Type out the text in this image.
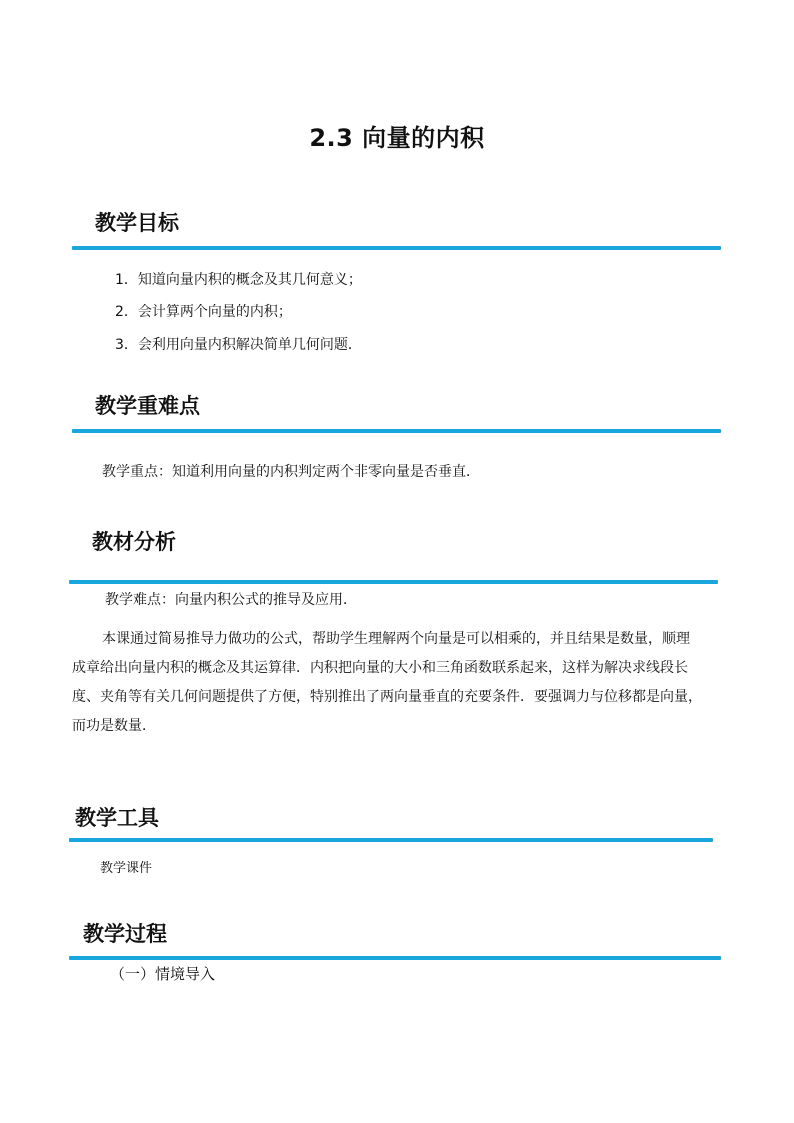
2.3 向量的内积
教学目标
1．知道向量内积的概念及其几何意义；
2．会计算两个向量的内积；
3．会利用向量内积解决简单几何问题．
教学重难点
教学重点：知道利用向量的内积判定两个非零向量是否垂直．
教材分析
教学难点：向量内积公式的推导及应用．

本课通过简易推导力做功的公式，帮助学生理解两个向量是可以相乘的，并且结果是数量，顺理

成章给出向量内积的概念及其运算律．内积把向量的大小和三角函数联系起来，这样为解决求线段长

度、夹角等有关几何问题提供了方便，特别推出了两向量垂直的充要条件．要强调力与位移都是向量，

而功是数量．

教学工具
教学课件
教学过程
（一）情境导入
